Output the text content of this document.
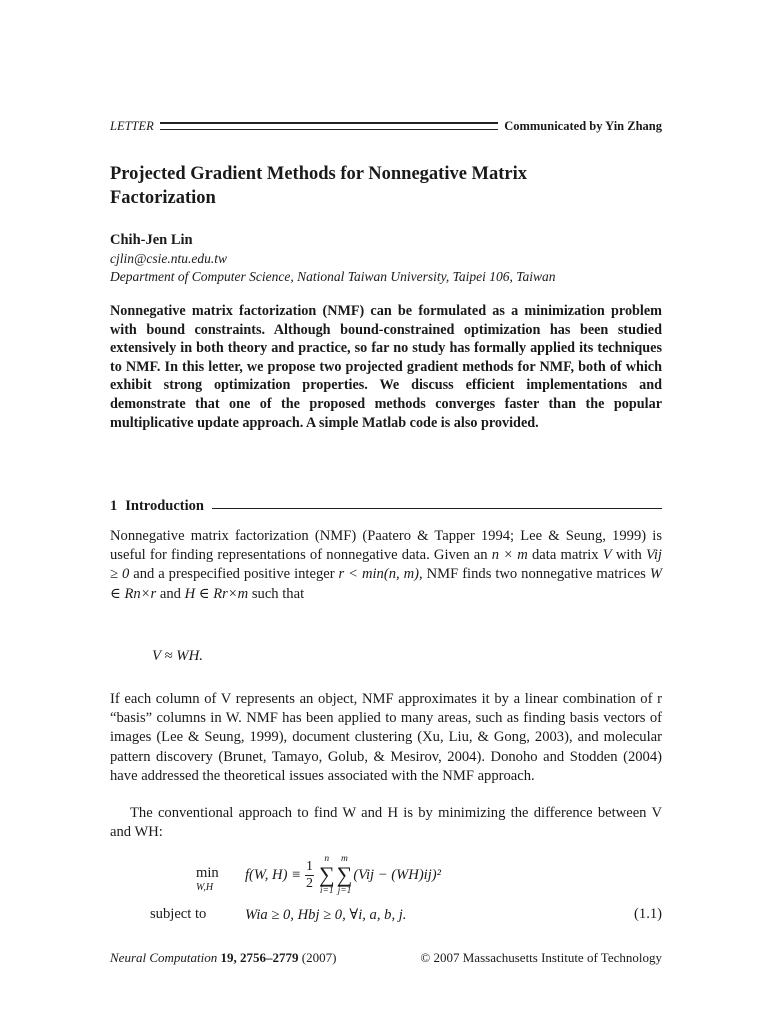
LETTER	Communicated by Yin Zhang
Projected Gradient Methods for Nonnegative Matrix Factorization
Chih-Jen Lin
cjlin@csie.ntu.edu.tw
Department of Computer Science, National Taiwan University, Taipei 106, Taiwan

Nonnegative matrix factorization (NMF) can be formulated as a minimization problem with bound constraints. Although bound-constrained optimization has been studied extensively in both theory and practice, so far no study has formally applied its techniques to NMF. In this letter, we propose two projected gradient methods for NMF, both of which exhibit strong optimization properties. We discuss efficient implementations and demonstrate that one of the proposed methods converges faster than the popular multiplicative update approach. A simple Matlab code is also provided.

1 Introduction

Nonnegative matrix factorization (NMF) (Paatero & Tapper 1994; Lee & Seung, 1999) is useful for finding representations of nonnegative data. Given an n × m data matrix V with Vij ≥ 0 and a prespecified positive integer r < min(n, m), NMF finds two nonnegative matrices W ∈ Rn×r and H ∈ Rr×m such that

V ≈ WH.

If each column of V represents an object, NMF approximates it by a linear combination of r “basis” columns in W. NMF has been applied to many areas, such as finding basis vectors of images (Lee & Seung, 1999), document clustering (Xu, Liu, & Gong, 2003), and molecular pattern discovery (Brunet, Tamayo, Golub, & Mesirov, 2004). Donoho and Stodden (2004) have addressed the theoretical issues associated with the NMF approach.

The conventional approach to find W and H is by minimizing the difference between V and WH:

min
W,H
f(W, $H) \equiv \frac{1}{2}$
n
∑
i=1
m
∑
j=1
(Vij − (WH)ij)²
subject to	Wia ≥ 0, Hbj ≥ 0, ∀i, a, b, j.	(1.1)
Neural Computation 19, 2756–2779 (2007)	© 2007 Massachusetts Institute of Technology
